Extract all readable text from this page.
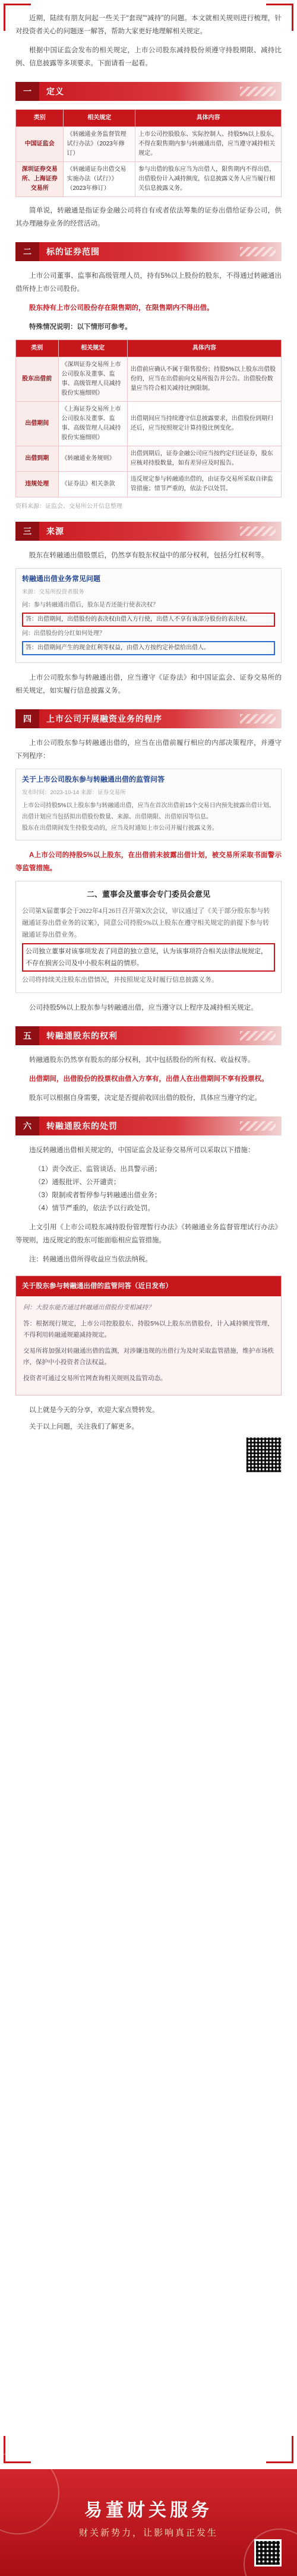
近期，陆续有朋友问起一些关于“套现”“减持”的问题。本文就相关规则进行梳理，针对投资者关心的问题逐一解答，帮助大家更好地理解相关规定。

根据中国证监会发布的相关规定，上市公司股东减持股份须遵守持股期限、减持比例、信息披露等多项要求。下面请看一起看。

一	定义
类别	相关规定	具体内容
中国证监会	《转融通业务监督管理试行办法》（2023年修订）	上市公司控股股东、实际控制人、持股5%以上股东，不得在限售期内参与转融通出借，应当遵守减持相关规定。
深圳证券交易所、上海证券交易所	《转融通证券出借交易实施办法（试行）》（2023年修订）	参与出借的股东应当为出借人，限售期内不得出借，出借股份计入减持额度，信息披露义务人应当履行相关信息披露义务。

简单说，转融通是指证券金融公司将自有或者依法筹集的证券出借给证券公司，供其办理融券业务的经营活动。

二	标的证券范围

上市公司董事、监事和高级管理人员，持有5%以上股份的股东，不得通过转融通出借所持上市公司股份。

股东持有上市公司股份存在限售期的，在限售期内不得出借。

特殊情况说明：以下情形可参考。

类别	相关规定	具体内容
股东出借前	《深圳证券交易所上市公司股东及董事、监事、高级管理人员减持股份实施细则》	出借前应确认不属于限售股份；持股5%以上股东出借股份的，应当在出借前向交易所报告并公告。出借股份数量应当符合相关减持比例限制。
出借期间	《上海证券交易所上市公司股东及董事、监事、高级管理人员减持股份实施细则》	出借期间应当持续遵守信息披露要求，出借股份到期归还后，应当按照规定计算持股比例变化。
出借到期	《转融通业务规则》	出借到期后，证券金融公司应当按约定归还证券，股东应核对持股数量，如有差异应及时报告。
违规处理	《证券法》相关条款	违反规定参与转融通出借的，由证券交易所采取自律监管措施；情节严重的，依法予以处罚。
资料来源：证监会、交易所公开信息整理
三	来源

股东在转融通出借股票后，仍然享有股东权益中的部分权利，包括分红权利等。

转融通出借业务常见问题
来源：交易所投资者服务
问：参与转融通出借后，股东是否还能行使表决权？
答：出借期间，出借股份的表决权由借入方行使，出借人不享有该部分股份的表决权。
问：出借股份的分红如何处理？
答：出借期间产生的现金红利等权益，由借入方按约定补偿给出借人。

上市公司股东参与转融通出借，应当遵守《证券法》和中国证监会、证券交易所的相关规定，如实履行信息披露义务。

四	上市公司开展融资业务的程序

上市公司股东参与转融通出借的，应当在出借前履行相应的内部决策程序，并遵守下列程序：

关于上市公司股东参与转融通出借的监管问答
发布时间：2023-10-14 来源：证券交易所
上市公司持股5%以上股东参与转融通出借，应当在首次出借前15个交易日内预先披露出借计划。
出借计划应当包括拟出借股份数量、来源、出借期限、出借原因等信息。
股东在出借期间发生持股变动的，应当及时通知上市公司并履行披露义务。

A上市公司的持股5%以上股东，在出借前未披露出借计划，被交易所采取书面警示等监管措施。

二、董事会及董事会专门委员会意见
公司第X届董事会于2022年4月26日召开第X次会议，审议通过了《关于部分股东参与转融通证券出借业务的议案》，同意公司持股5%以上股东在遵守相关规定的前提下参与转融通证券出借业务。
公司独立董事对该事项发表了同意的独立意见，认为该事项符合相关法律法规规定，不存在损害公司及中小股东利益的情形。
公司将持续关注股东出借情况，并按照规定及时履行信息披露义务。

公司持股5%以上股东参与转融通出借，应当遵守以上程序及减持相关规定。

五	转融通股东的权利

转融通股东仍然享有股东的部分权利，其中包括股份的所有权、收益权等。

出借期间，出借股份的投票权由借入方享有，出借人在出借期间不享有投票权。

股东可以根据自身需要，决定是否提前收回出借的股份，具体应当遵守约定。

六	转融通股东的处罚

违反转融通出借相关规定的，中国证监会及证券交易所可以采取以下措施：

（1）责令改正、监管谈话、出具警示函；
（2）通报批评、公开谴责；
（3）限制或者暂停参与转融通出借业务；
（4）情节严重的，依法予以行政处罚。

上文引用《上市公司股东减持股份管理暂行办法》《转融通业务监督管理试行办法》等规则，违反规定的股东可能面临相应监管措施。

注：转融通出借所得收益应当依法纳税。

关于股东参与转融通出借的监管问答（近日发布）

问：大股东能否通过转融通出借股份变相减持？

答：根据现行规定，上市公司控股股东、持股5%以上股东出借股份，计入减持额度管理，不得利用转融通规避减持规定。

交易所将加强对转融通出借的监测，对涉嫌违规的出借行为及时采取监管措施，维护市场秩序，保护中小投资者合法权益。

投资者可通过交易所官网查询相关规则及监管动态。

以上就是今天的分享，欢迎大家点赞转发。

关于以上问题，关注我们了解更多。

易董财关服务
财关新势力，让影响真正发生
